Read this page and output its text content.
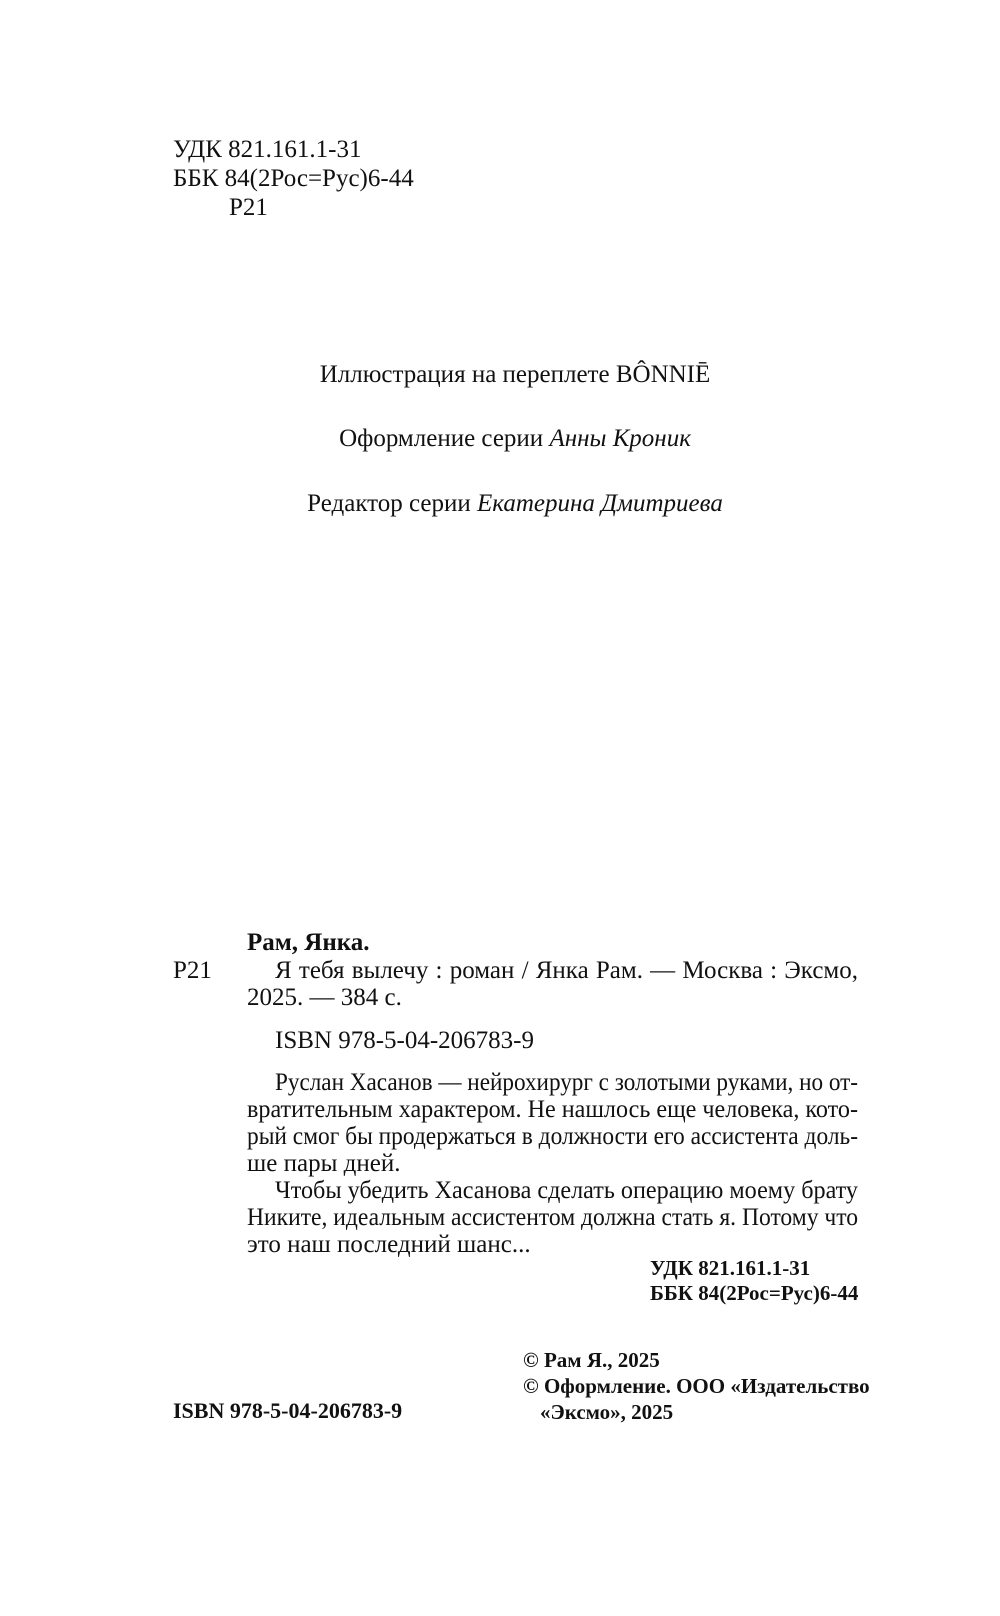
УДК 821.161.1-31
ББК 84(2Рос=Рус)6-44
Р21
Иллюстрация на переплете BÔNNIĒ
Оформление серии Анны Кроник
Редактор серии Екатерина Дмитриева
Рам, Янка.
Р21	Я тебя вылечу : роман / Янка Рам. — Москва : Эксмо,
2025. — 384 с.
ISBN 978-5-04-206783-9
Руслан Хасанов — нейрохирург с золотыми руками, но от-
вратительным характером. Не нашлось еще человека, кото-
рый смог бы продержаться в должности его ассистента доль-
ше пары дней.
Чтобы убедить Хасанова сделать операцию моему брату
Никите, идеальным ассистентом должна стать я. Потому что
это наш последний шанс...
УДК 821.161.1-31
ББК 84(2Рос=Рус)6-44
© Рам Я., 2025
© Оформление. ООО «Издательство
«Эксмо», 2025
ISBN 978-5-04-206783-9
